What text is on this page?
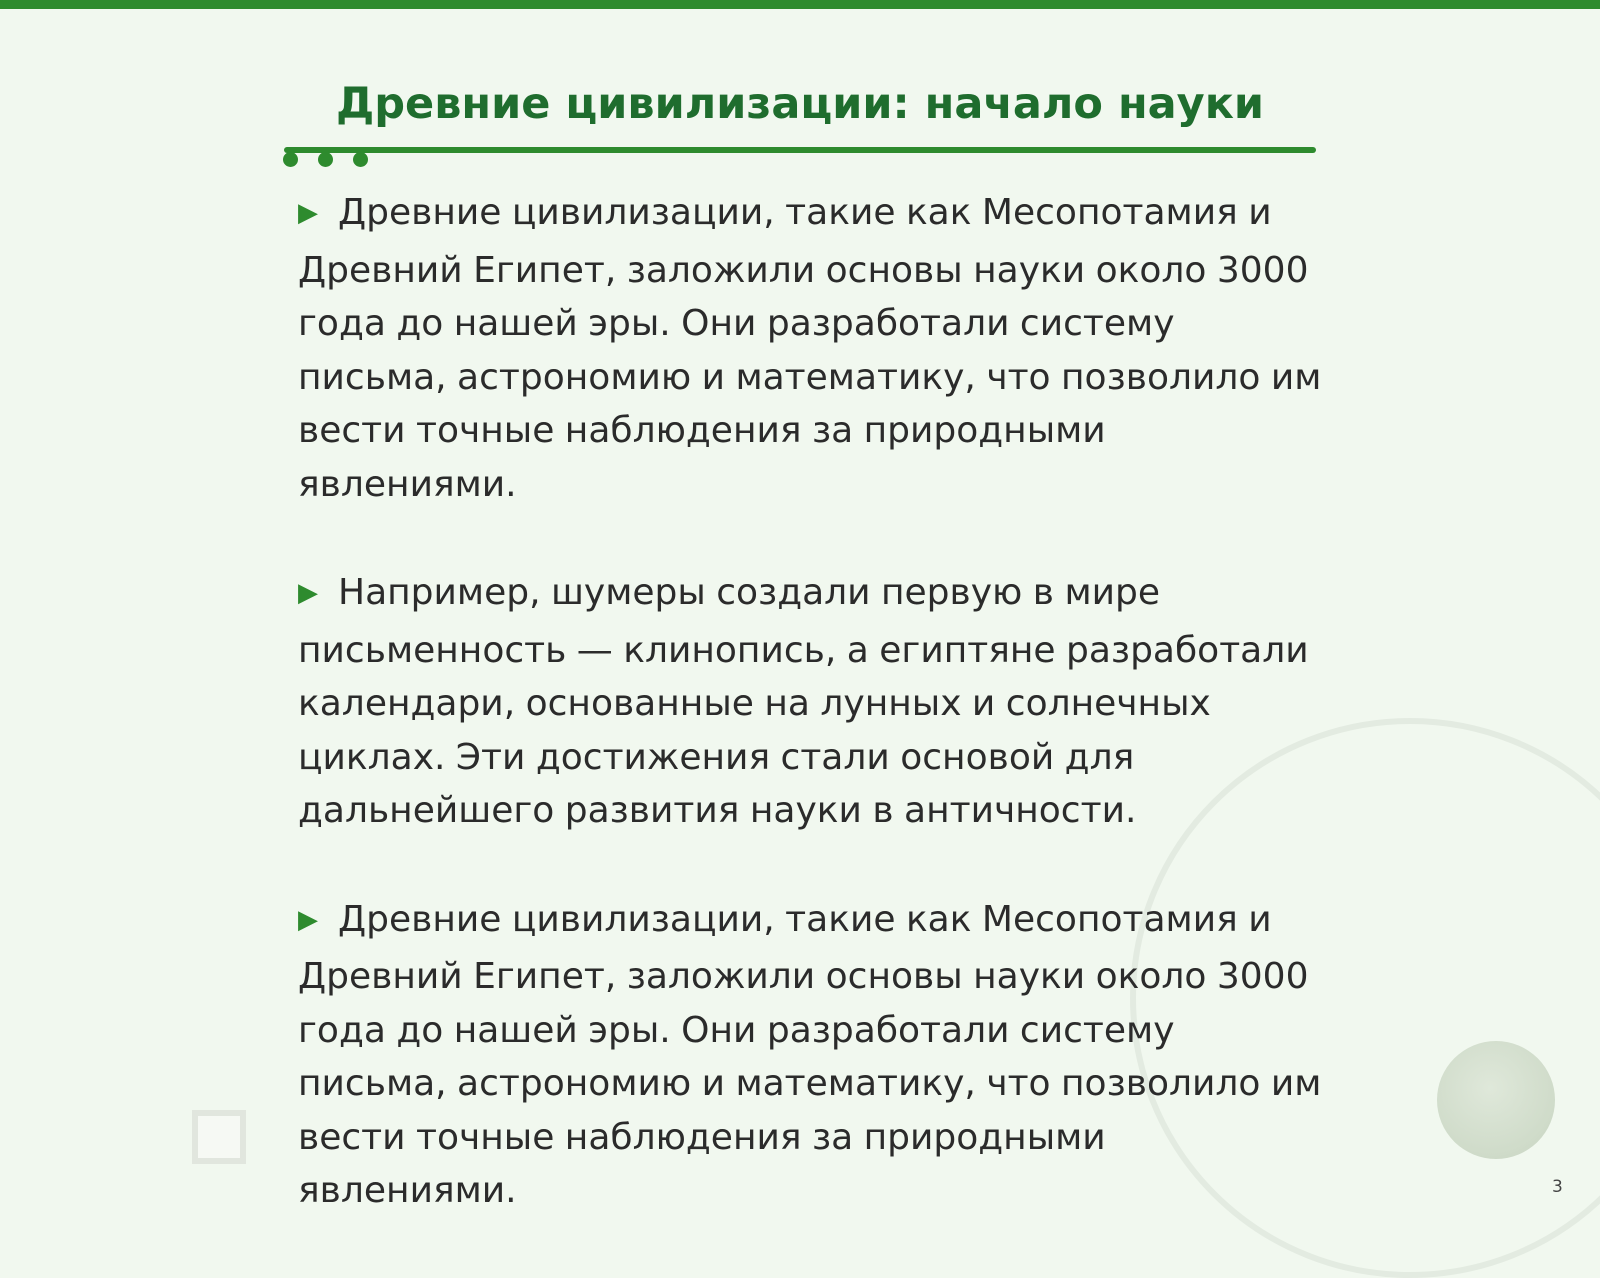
Древние цивилизации: начало науки

▶ Древние цивилизации, такие как Месопотамия и Древний Египет, заложили основы науки около 3000 года до нашей эры. Они разработали систему письма, астрономию и математику, что позволило им вести точные наблюдения за природными явлениями.

▶ Например, шумеры создали первую в мире письменность — клинопись, а египтяне разработали календари, основанные на лунных и солнечных циклах. Эти достижения стали основой для дальнейшего развития науки в античности.

▶ Древние цивилизации, такие как Месопотамия и Древний Египет, заложили основы науки около 3000 года до нашей эры. Они разработали систему письма, астрономию и математику, что позволило им вести точные наблюдения за природными явлениями.	3
